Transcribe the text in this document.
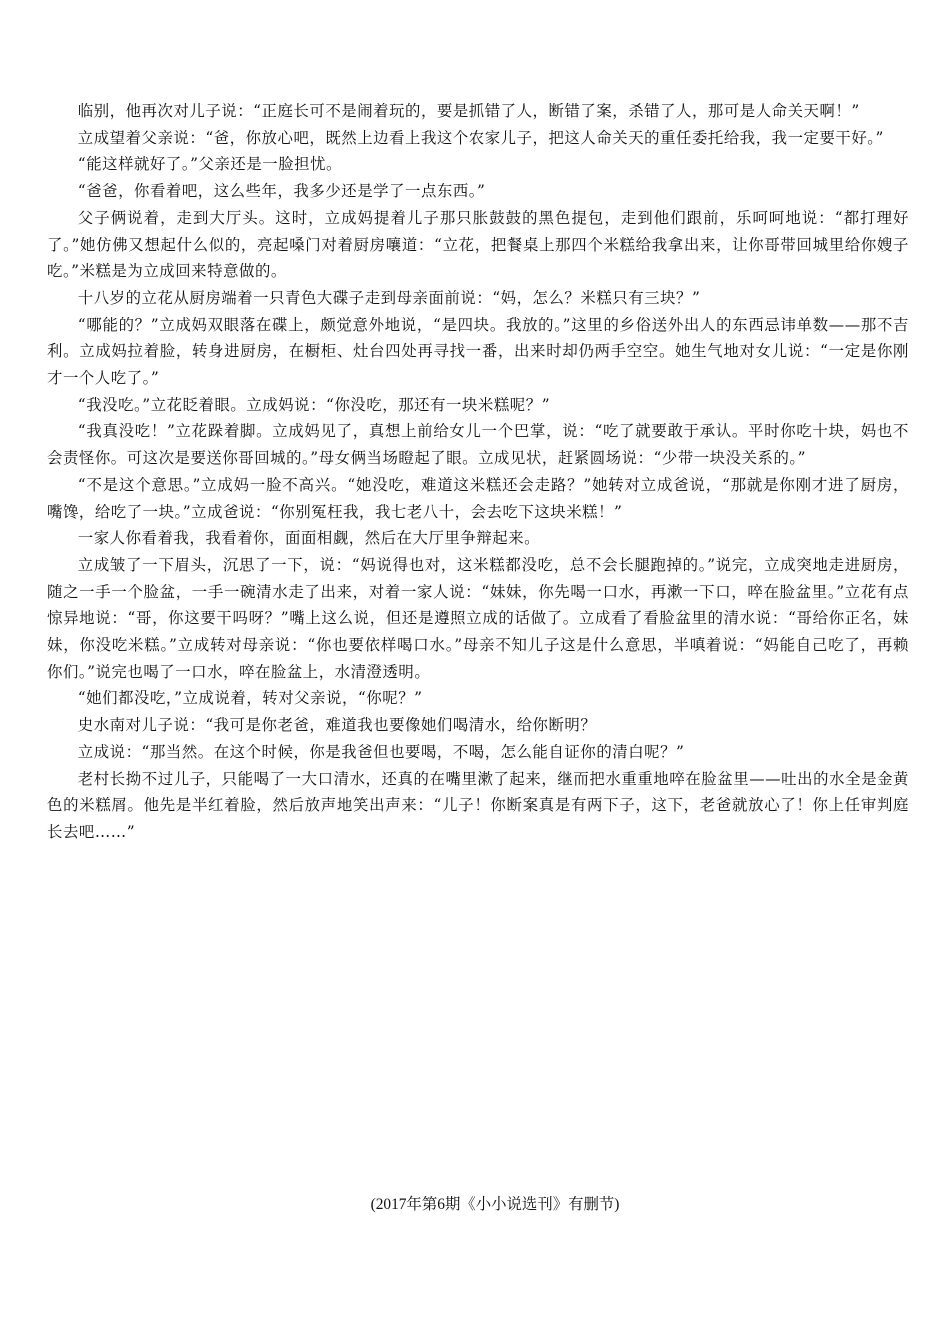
临别，他再次对儿子说：“正庭长可不是闹着玩的，要是抓错了人，断错了案，杀错了人，那可是人命关天啊！”

立成望着父亲说：“爸，你放心吧，既然上边看上我这个农家儿子，把这人命关天的重任委托给我，我一定要干好。”

“能这样就好了。”父亲还是一脸担忧。

“爸爸，你看着吧，这么些年，我多少还是学了一点东西。”

父子俩说着，走到大厅头。这时，立成妈提着儿子那只胀鼓鼓的黑色提包，走到他们跟前，乐呵呵地说：“都打理好了。”她仿佛又想起什么似的，亮起嗓门对着厨房嚷道：“立花，把餐桌上那四个米糕给我拿出来，让你哥带回城里给你嫂子吃。”米糕是为立成回来特意做的。

十八岁的立花从厨房端着一只青色大碟子走到母亲面前说：“妈，怎么？米糕只有三块？”

“哪能的？”立成妈双眼落在碟上，颇觉意外地说，“是四块。我放的。”这里的乡俗送外出人的东西忌讳单数——那不吉利。立成妈拉着脸，转身进厨房，在橱柜、灶台四处再寻找一番，出来时却仍两手空空。她生气地对女儿说：“一定是你刚才一个人吃了。”

“我没吃。”立花眨着眼。立成妈说：“你没吃，那还有一块米糕呢？”

“我真没吃！”立花跺着脚。立成妈见了，真想上前给女儿一个巴掌，说：“吃了就要敢于承认。平时你吃十块，妈也不会责怪你。可这次是要送你哥回城的。”母女俩当场瞪起了眼。立成见状，赶紧圆场说：“少带一块没关系的。”

“不是这个意思。”立成妈一脸不高兴。“她没吃，难道这米糕还会走路？”她转对立成爸说，“那就是你刚才进了厨房，嘴馋，给吃了一块。”立成爸说：“你别冤枉我，我七老八十，会去吃下这块米糕！”

一家人你看着我，我看着你，面面相觑，然后在大厅里争辩起来。

立成皱了一下眉头，沉思了一下，说：“妈说得也对，这米糕都没吃，总不会长腿跑掉的。”说完，立成突地走进厨房，随之一手一个脸盆，一手一碗清水走了出来，对着一家人说：“妹妹，你先喝一口水，再漱一下口，啐在脸盆里。”立花有点惊异地说：“哥，你这要干吗呀？”嘴上这么说，但还是遵照立成的话做了。立成看了看脸盆里的清水说：“哥给你正名，妹妹，你没吃米糕。”立成转对母亲说：“你也要依样喝口水。”母亲不知儿子这是什么意思，半嗔着说：“妈能自己吃了，再赖你们。”说完也喝了一口水，啐在脸盆上，水清澄透明。

“她们都没吃，”立成说着，转对父亲说，“你呢？”

史水南对儿子说：“我可是你老爸，难道我也要像她们喝清水，给你断明？

立成说：“那当然。在这个时候，你是我爸但也要喝，不喝，怎么能自证你的清白呢？”

老村长拗不过儿子，只能喝了一大口清水，还真的在嘴里漱了起来，继而把水重重地啐在脸盆里——吐出的水全是金黄色的米糕屑。他先是半红着脸，然后放声地笑出声来：“儿子！你断案真是有两下子，这下，老爸就放心了！你上任审判庭长去吧……”

(2017年第6期《小小说选刊》有删节)
